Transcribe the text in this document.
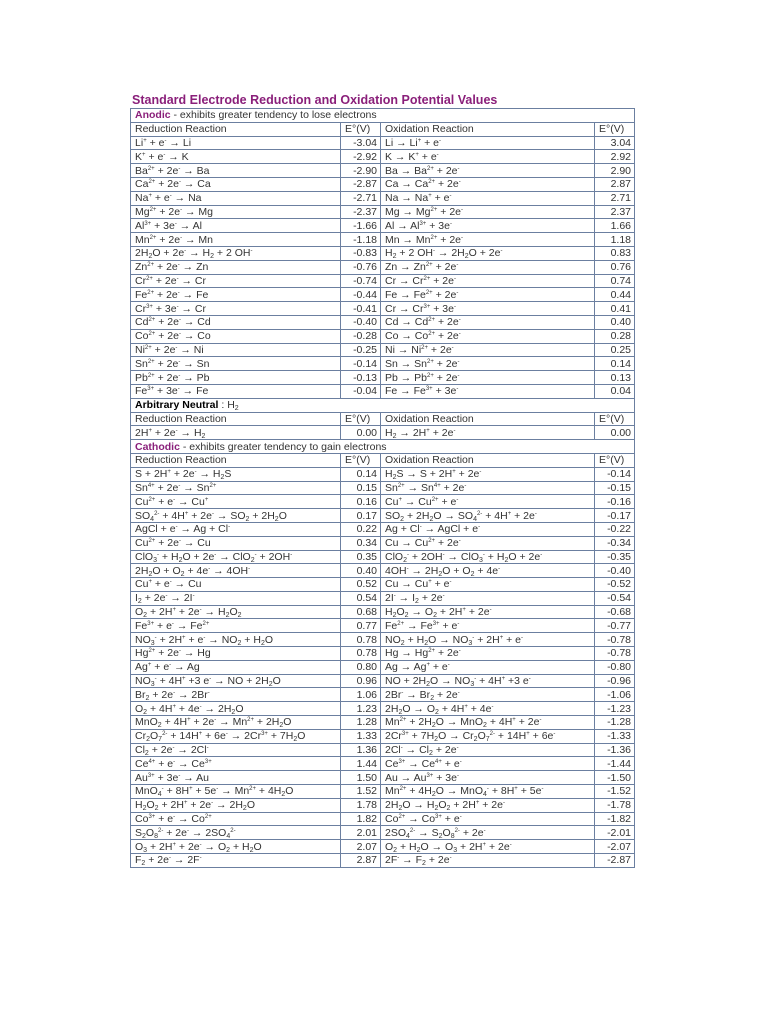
Standard Electrode Reduction and Oxidation Potential Values
Anodic - exhibits greater tendency to lose electrons			
Reduction Reaction	E°(V)	Oxidation Reaction	E°(V)
Li+ + e- → Li	-3.04	Li → Li+ + e-	3.04
K+ + e- → K	-2.92	K → K+ + e-	2.92
$Ba^{2+} + 2e^- \to Ba$	-2.90	$Ba \to Ba^{2+} + 2e^-$	2.90
$Ca^{2+} + 2e^- \to Ca$	-2.87	$Ca \to Ca^{2+} + 2e^-$	2.87
Na+ + e- → Na	-2.71	Na → Na+ + e-	2.71
$Mg^{2+} + 2e^- \to Mg$	-2.37	$Mg \to Mg^{2+} + 2e^-$	2.37
$Al^{3+} + 3e^- \to Al$	-1.66	$Al \to Al^{3+} + 3e^-$	1.66
$Mn^{2+} + 2e^- \to Mn$	-1.18	$Mn \to Mn^{2+} + 2e^-$	1.18
$2H_2O + 2e^- \to H_2 + 2$ OH-	-0.83	$H_2 + 2$ $OH^- \to 2H_2O + 2e^-$	0.83
$Zn^{2+} + 2e^- \to Zn$	-0.76	$Zn \to Zn^{2+} + 2e^-$	0.76
$Cr^{2+} + 2e^- \to Cr$	-0.74	$Cr \to Cr^{2+} + 2e^-$	0.74
$Fe^{2+} + 2e^- \to Fe$	-0.44	$Fe \to Fe^{2+} + 2e^-$	0.44
$Cr^{3+} + 3e^- \to Cr$	-0.41	$Cr \to Cr^{3+} + 3e^-$	0.41
$Cd^{2+} + 2e^- \to Cd$	-0.40	$Cd \to Cd^{2+} + 2e^-$	0.40
$Co^{2+} + 2e^- \to Co$	-0.28	$Co \to Co^{2+} + 2e^-$	0.28
$Ni^{2+} + 2e^- \to Ni$	-0.25	$Ni \to Ni^{2+} + 2e^-$	0.25
$Sn^{2+} + 2e^- \to Sn$	-0.14	$Sn \to Sn^{2+} + 2e^-$	0.14
$Pb^{2+} + 2e^- \to Pb$	-0.13	$Pb \to Pb^{2+} + 2e^-$	0.13
$Fe^{3+} + 3e^- \to Fe$	-0.04	$Fe \to Fe^{3+} + 3e^-$	0.04
Arbitrary Neutral : $H_2$
Reduction Reaction	E°(V)	Oxidation Reaction	E°(V)
$2H^+ + 2e^- \to H_2$	0.00	$H_2 \to 2H^+ + 2e^-$	0.00
Cathodic - exhibits greater tendency to gain electrons			
Reduction Reaction	E°(V)	Oxidation Reaction	E°(V)
$S + 2H^+ + 2e^- \to H_2S$	0.14	$H_2S \to S + 2H^+ + 2e^-$	-0.14
$Sn^{4+} + 2e^- \to Sn^{2+}$	0.15	$Sn^{2+} \to Sn^{4+} + 2e^-$	-0.15
$Cu^{2+} + e^- \to Cu^+$	0.16	$Cu^+ \to Cu^{2+} + e^-$	-0.16
$SO_4^{2-} + 4H^+ + 2e^- \to SO_2 + 2H_2O$	0.17	$SO_2 + 2H_2O \to SO_4^{2-} + 4H^+ + 2e^-$	-0.17
AgCl + e- → Ag + Cl-	0.22	Ag + Cl- → AgCl + e-	-0.22
$Cu^{2+} + 2e^- \to Cu$	0.34	$Cu \to Cu^{2+} + 2e^-$	-0.34
$ClO_3^- + H_2O + 2e^- \to ClO_2^- + 2OH^-$	0.35	$ClO_2^- + 2OH^- \to ClO_3^- + H_2O + 2e^-$	-0.35
$2H_2O + O_2 + 4e^- \to 4OH^-$	0.40	$4OH^- \to 2H_2O + O_2 + 4e^-$	-0.40
Cu+ + e- → Cu	0.52	Cu → Cu+ + e-	-0.52
$I_2 + 2e^- \to 2I^-$	0.54	$2I^- \to I_2 + 2e^-$	-0.54
$O_2 + 2H^+ + 2e^- \to H_2O_2$	0.68	$H_2O_2 \to O_2 + 2H^+ + 2e^-$	-0.68
$Fe^{3+} + e^- \to Fe^{2+}$	0.77	$Fe^{2+} \to Fe^{3+} + e^-$	-0.77
$NO_3^- + 2H^+ + e^- \to NO_2 + H_2O$	0.78	$NO_2 + H_2O \to NO_3^- + 2H^+ + e^-$	-0.78
$Hg^{2+} + 2e^- \to Hg$	0.78	$Hg \to Hg^{2+} + 2e^-$	-0.78
Ag+ + e- → Ag	0.80	Ag → Ag+ + e-	-0.80
$NO_3^- + 4H^+ +3$ e- → NO + $2H_2O$	0.96	NO + $2H_2O \to NO_3^- + 4H^+ +3$ e-	-0.96
$Br_2 + 2e^- \to 2Br^-$	1.06	$2Br^- \to Br_2 + 2e^-$	-1.06
$O_2 + 4H^+ + 4e^- \to 2H_2O$	1.23	$2H_2O \to O_2 + 4H^+ + 4e^-$	-1.23
$MnO_2 + 4H^+ + 2e^- \to Mn^{2+} + 2H_2O$	1.28	$Mn^{2+} + 2H_2O \to MnO_2 + 4H^+ + 2e^-$	-1.28
$Cr_2O_7^{2-} + 14H^+ + 6e^- \to 2Cr^{3+} + 7H_2O$	1.33	$2Cr^{3+} + 7H_2O \to Cr_2O_7^{2-} + 14H^+ + 6e^-$	-1.33
$Cl_2 + 2e^- \to 2Cl^-$	1.36	$2Cl^- \to Cl_2 + 2e^-$	-1.36
$Ce^{4+} + e^- \to Ce^{3+}$	1.44	$Ce^{3+} \to Ce^{4+} + e^-$	-1.44
$Au^{3+} + 3e^- \to Au$	1.50	$Au \to Au^{3+} + 3e^-$	-1.50
$MnO_4^- + 8H^+ + 5e^- \to Mn^{2+} + 4H_2O$	1.52	$Mn^{2+} + 4H_2O \to MnO_4^- + 8H^+ + 5e^-$	-1.52
$H_2O_2 + 2H^+ + 2e^- \to 2H_2O$	1.78	$2H_2O \to H_2O_2 + 2H^+ + 2e^-$	-1.78
$Co^{3+} + e^- \to Co^{2+}$	1.82	$Co^{2+} \to Co^{3+} + e^-$	-1.82
$S_2O_8^{2-} + 2e^- \to 2SO_4^{2-}$	2.01	$2SO_4^{2-} \to S_2O_8^{2-} + 2e^-$	-2.01
$O_3 + 2H^+ + 2e^- \to O_2 + H_2O$	2.07	$O_2 + H_2O \to O_3 + 2H^+ + 2e^-$	-2.07
$F_2 + 2e^- \to 2F^-$	2.87	$2F^- \to F_2 + 2e^-$	-2.87
